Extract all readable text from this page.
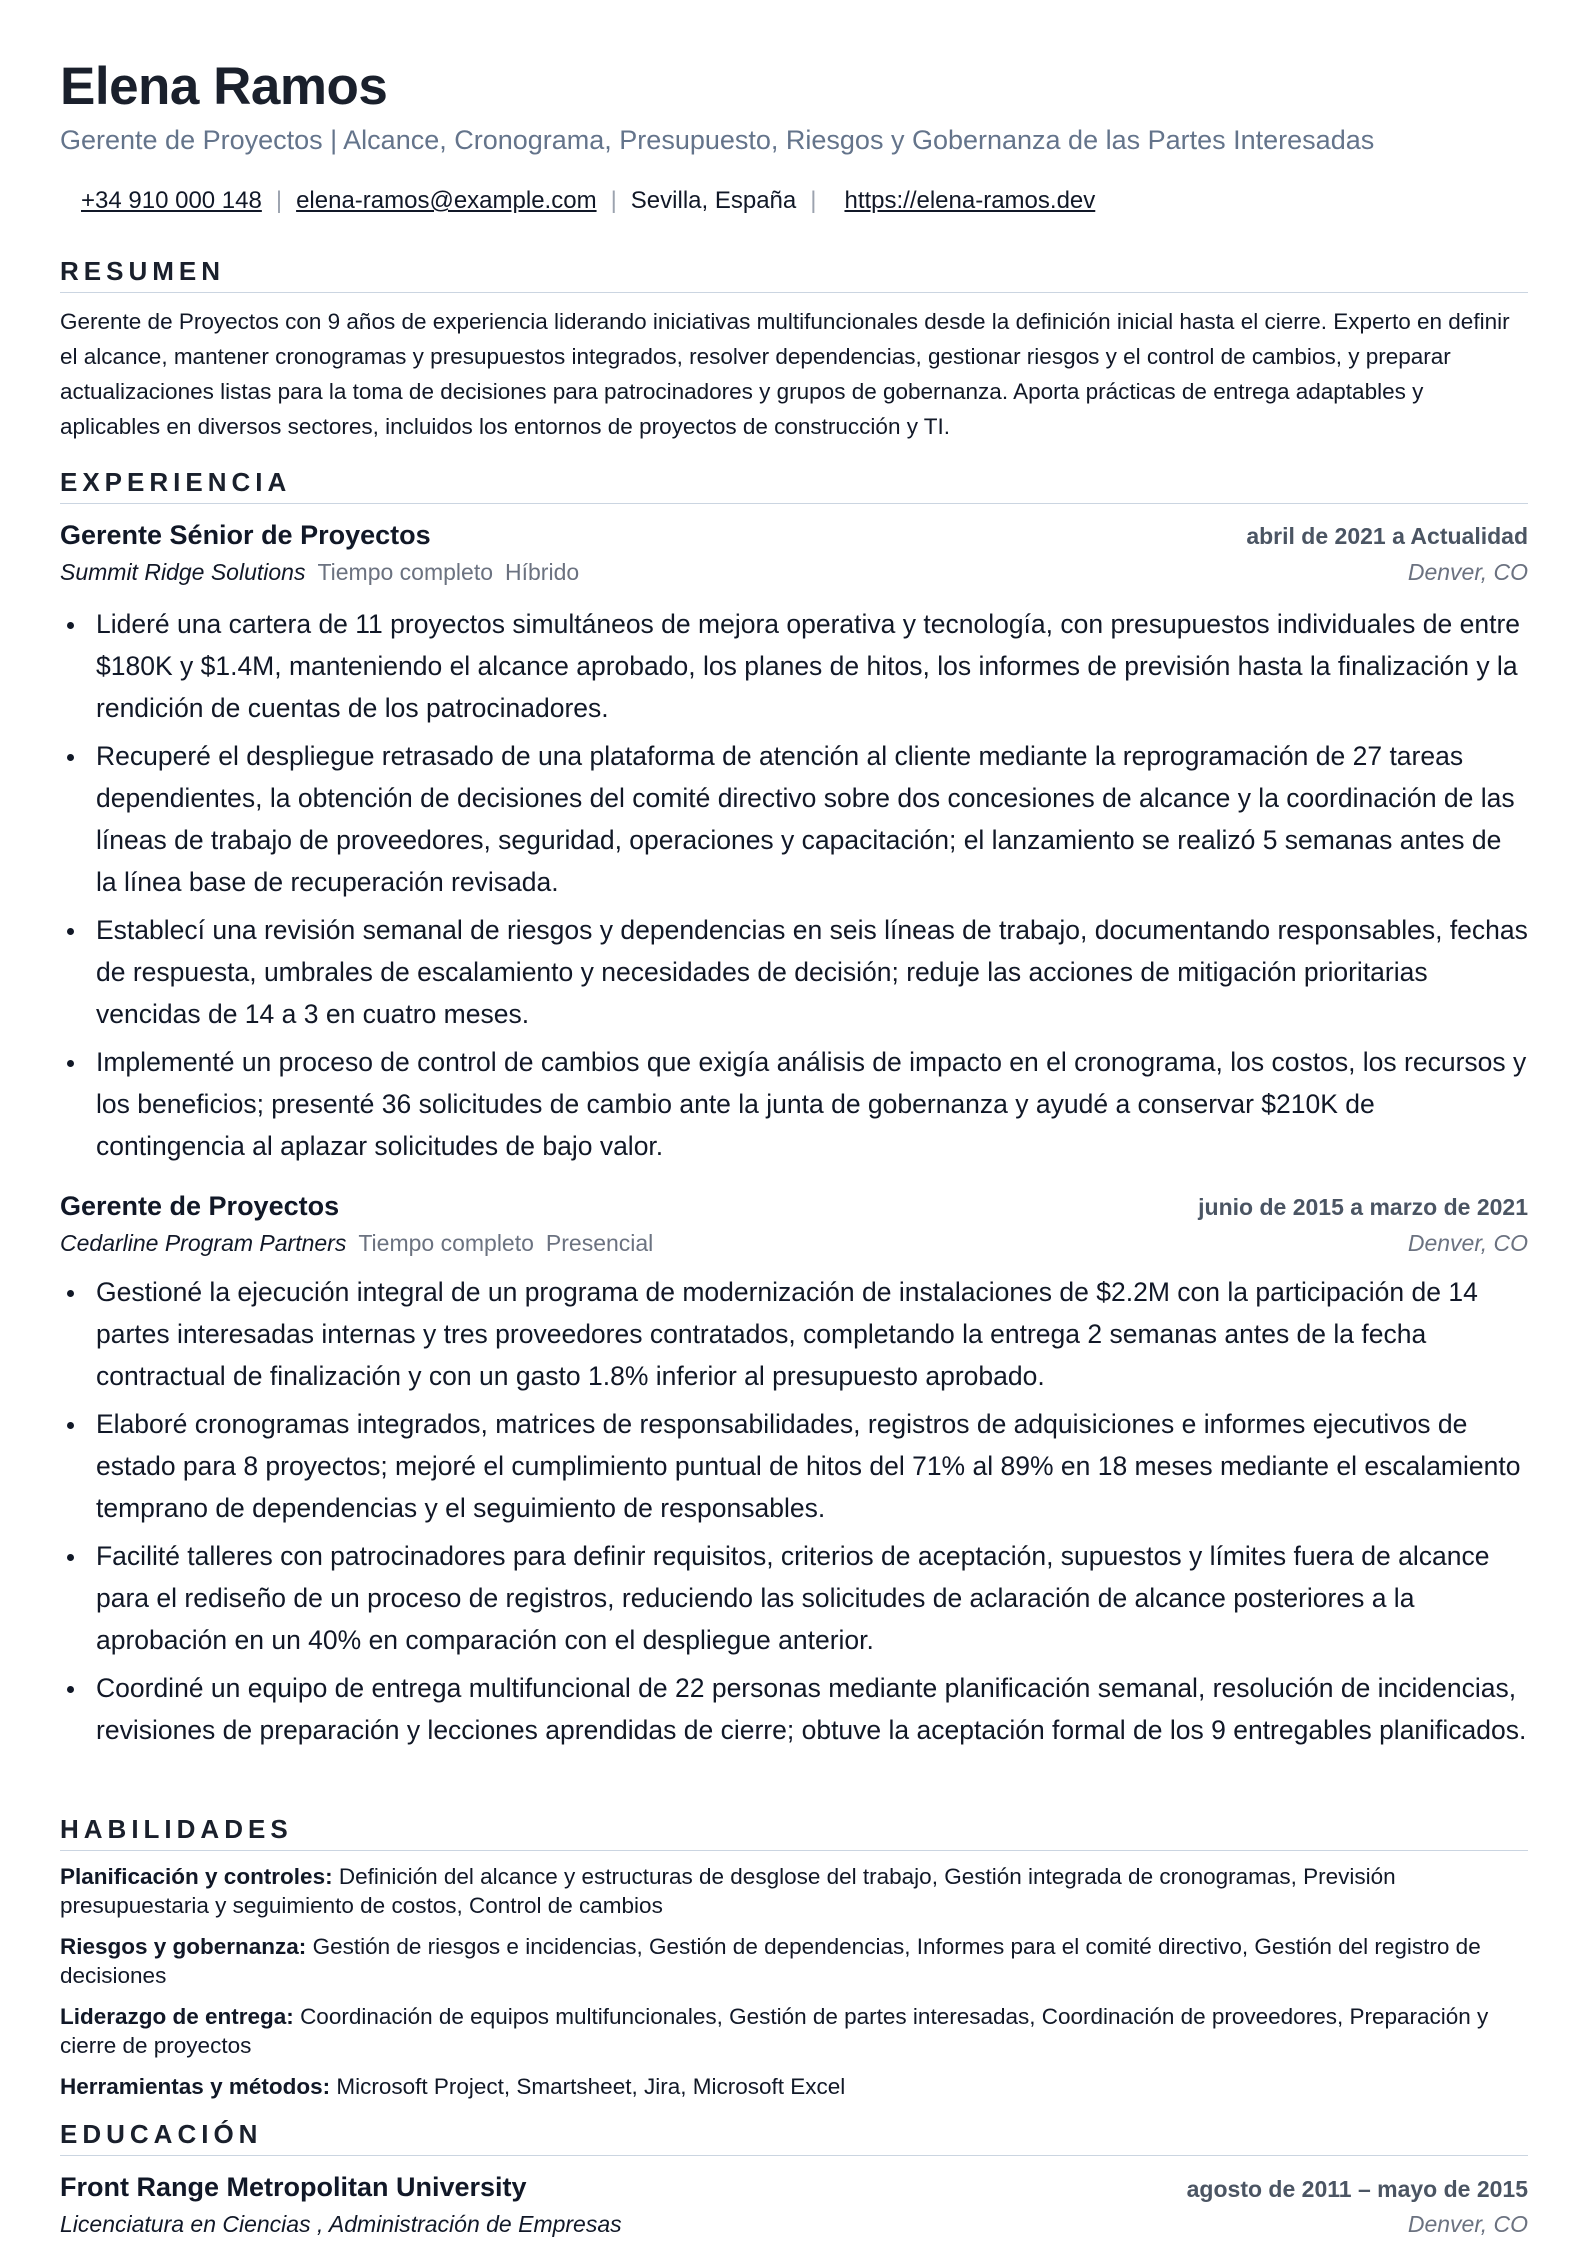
Elena Ramos

Gerente de Proyectos | Alcance, Cronograma, Presupuesto, Riesgos y Gobernanza de las Partes Interesadas

+34 910 000 148 | elena-ramos@example.com | Sevilla, España | https://elena-ramos.dev
RESUMEN

Gerente de Proyectos con 9 años de experiencia liderando iniciativas multifuncionales desde la definición inicial hasta el cierre. Experto en definir el alcance, mantener cronogramas y presupuestos integrados, resolver dependencias, gestionar riesgos y el control de cambios, y preparar actualizaciones listas para la toma de decisiones para patrocinadores y grupos de gobernanza. Aporta prácticas de entrega adaptables y aplicables en diversos sectores, incluidos los entornos de proyectos de construcción y TI.

EXPERIENCIA
Gerente Sénior de Proyectos	abril de 2021 a Actualidad
Summit Ridge Solutions Tiempo completo Híbrido	Denver, CO
Lideré una cartera de 11 proyectos simultáneos de mejora operativa y tecnología, con presupuestos individuales de entre $180K y $1.4M, manteniendo el alcance aprobado, los planes de hitos, los informes de previsión hasta la finalización y la rendición de cuentas de los patrocinadores.
Recuperé el despliegue retrasado de una plataforma de atención al cliente mediante la reprogramación de 27 tareas dependientes, la obtención de decisiones del comité directivo sobre dos concesiones de alcance y la coordinación de las líneas de trabajo de proveedores, seguridad, operaciones y capacitación; el lanzamiento se realizó 5 semanas antes de la línea base de recuperación revisada.
Establecí una revisión semanal de riesgos y dependencias en seis líneas de trabajo, documentando responsables, fechas de respuesta, umbrales de escalamiento y necesidades de decisión; reduje las acciones de mitigación prioritarias vencidas de 14 a 3 en cuatro meses.
Implementé un proceso de control de cambios que exigía análisis de impacto en el cronograma, los costos, los recursos y los beneficios; presenté 36 solicitudes de cambio ante la junta de gobernanza y ayudé a conservar $210K de contingencia al aplazar solicitudes de bajo valor.
Gerente de Proyectos	junio de 2015 a marzo de 2021
Cedarline Program Partners Tiempo completo Presencial	Denver, CO
Gestioné la ejecución integral de un programa de modernización de instalaciones de $2.2M con la participación de 14 partes interesadas internas y tres proveedores contratados, completando la entrega 2 semanas antes de la fecha contractual de finalización y con un gasto 1.8% inferior al presupuesto aprobado.
Elaboré cronogramas integrados, matrices de responsabilidades, registros de adquisiciones e informes ejecutivos de estado para 8 proyectos; mejoré el cumplimiento puntual de hitos del 71% al 89% en 18 meses mediante el escalamiento temprano de dependencias y el seguimiento de responsables.
Facilité talleres con patrocinadores para definir requisitos, criterios de aceptación, supuestos y límites fuera de alcance para el rediseño de un proceso de registros, reduciendo las solicitudes de aclaración de alcance posteriores a la aprobación en un 40% en comparación con el despliegue anterior.
Coordiné un equipo de entrega multifuncional de 22 personas mediante planificación semanal, resolución de incidencias, revisiones de preparación y lecciones aprendidas de cierre; obtuve la aceptación formal de los 9 entregables planificados.
HABILIDADES
Planificación y controles: Definición del alcance y estructuras de desglose del trabajo, Gestión integrada de cronogramas, Previsión presupuestaria y seguimiento de costos, Control de cambios
Riesgos y gobernanza: Gestión de riesgos e incidencias, Gestión de dependencias, Informes para el comité directivo, Gestión del registro de decisiones
Liderazgo de entrega: Coordinación de equipos multifuncionales, Gestión de partes interesadas, Coordinación de proveedores, Preparación y cierre de proyectos
Herramientas y métodos: Microsoft Project, Smartsheet, Jira, Microsoft Excel
EDUCACIÓN
Front Range Metropolitan University	agosto de 2011 – mayo de 2015
Licenciatura en Ciencias , Administración de Empresas	Denver, CO
